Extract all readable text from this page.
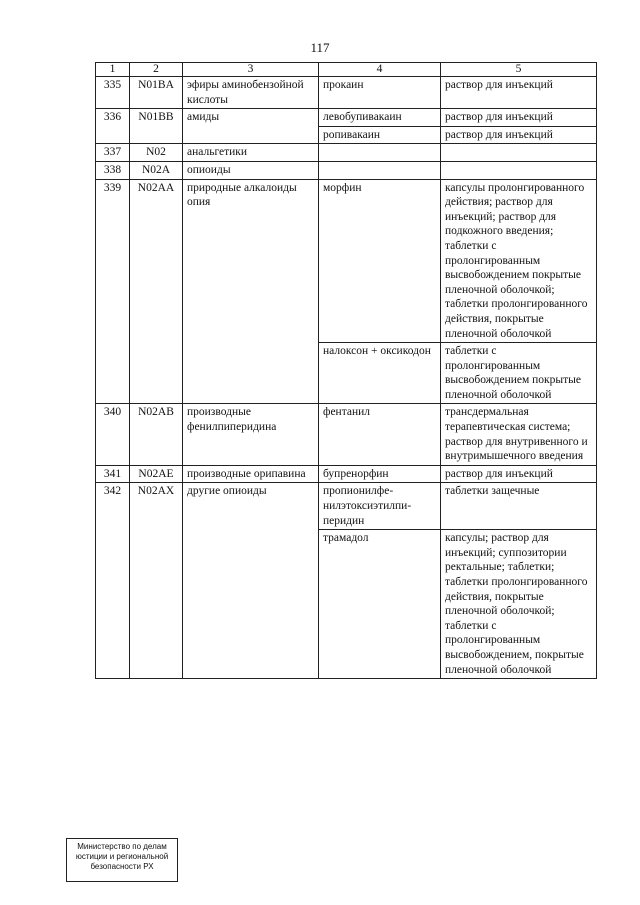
117
1	2	3	4	5
335	N01BA	эфиры аминобензойной кислоты	прокаин	раствор для инъекций
336	N01BB	амиды	левобупивакаин	раствор для инъекций
			ропивакаин	раствор для инъекций
337	N02	анальгетики		
338	N02A	опиоиды		
339	N02AA	природные алкалоиды опия	морфин	капсулы пролонгированного действия; раствор для инъекций; раствор для подкожного введения; таблетки с пролонгированным высвобождением покрытые пленочной оболочкой; таблетки пролонгированного действия, покрытые пленочной оболочкой
			налоксон + оксикодон	таблетки с пролонгированным высвобождением покрытые пленочной оболочкой
340	N02AB	производные фенилпиперидина	фентанил	трансдермальная терапевтическая система; раствор для внутривенного и внутримышечного введения
341	N02AE	производные орипавина	бупренорфин	раствор для инъекций
342	N02AX	другие опиоиды	пропионилфе-нилэтоксиэтилпи-перидин	таблетки защечные
			трамадол	капсулы; раствор для инъекций; суппозитории ректальные; таблетки; таблетки пролонгированного действия, покрытые пленочной оболочкой; таблетки с пролонгированным высвобождением, покрытые пленочной оболочкой
Министерство по делам
юстиции и региональной
безопасности РХ
